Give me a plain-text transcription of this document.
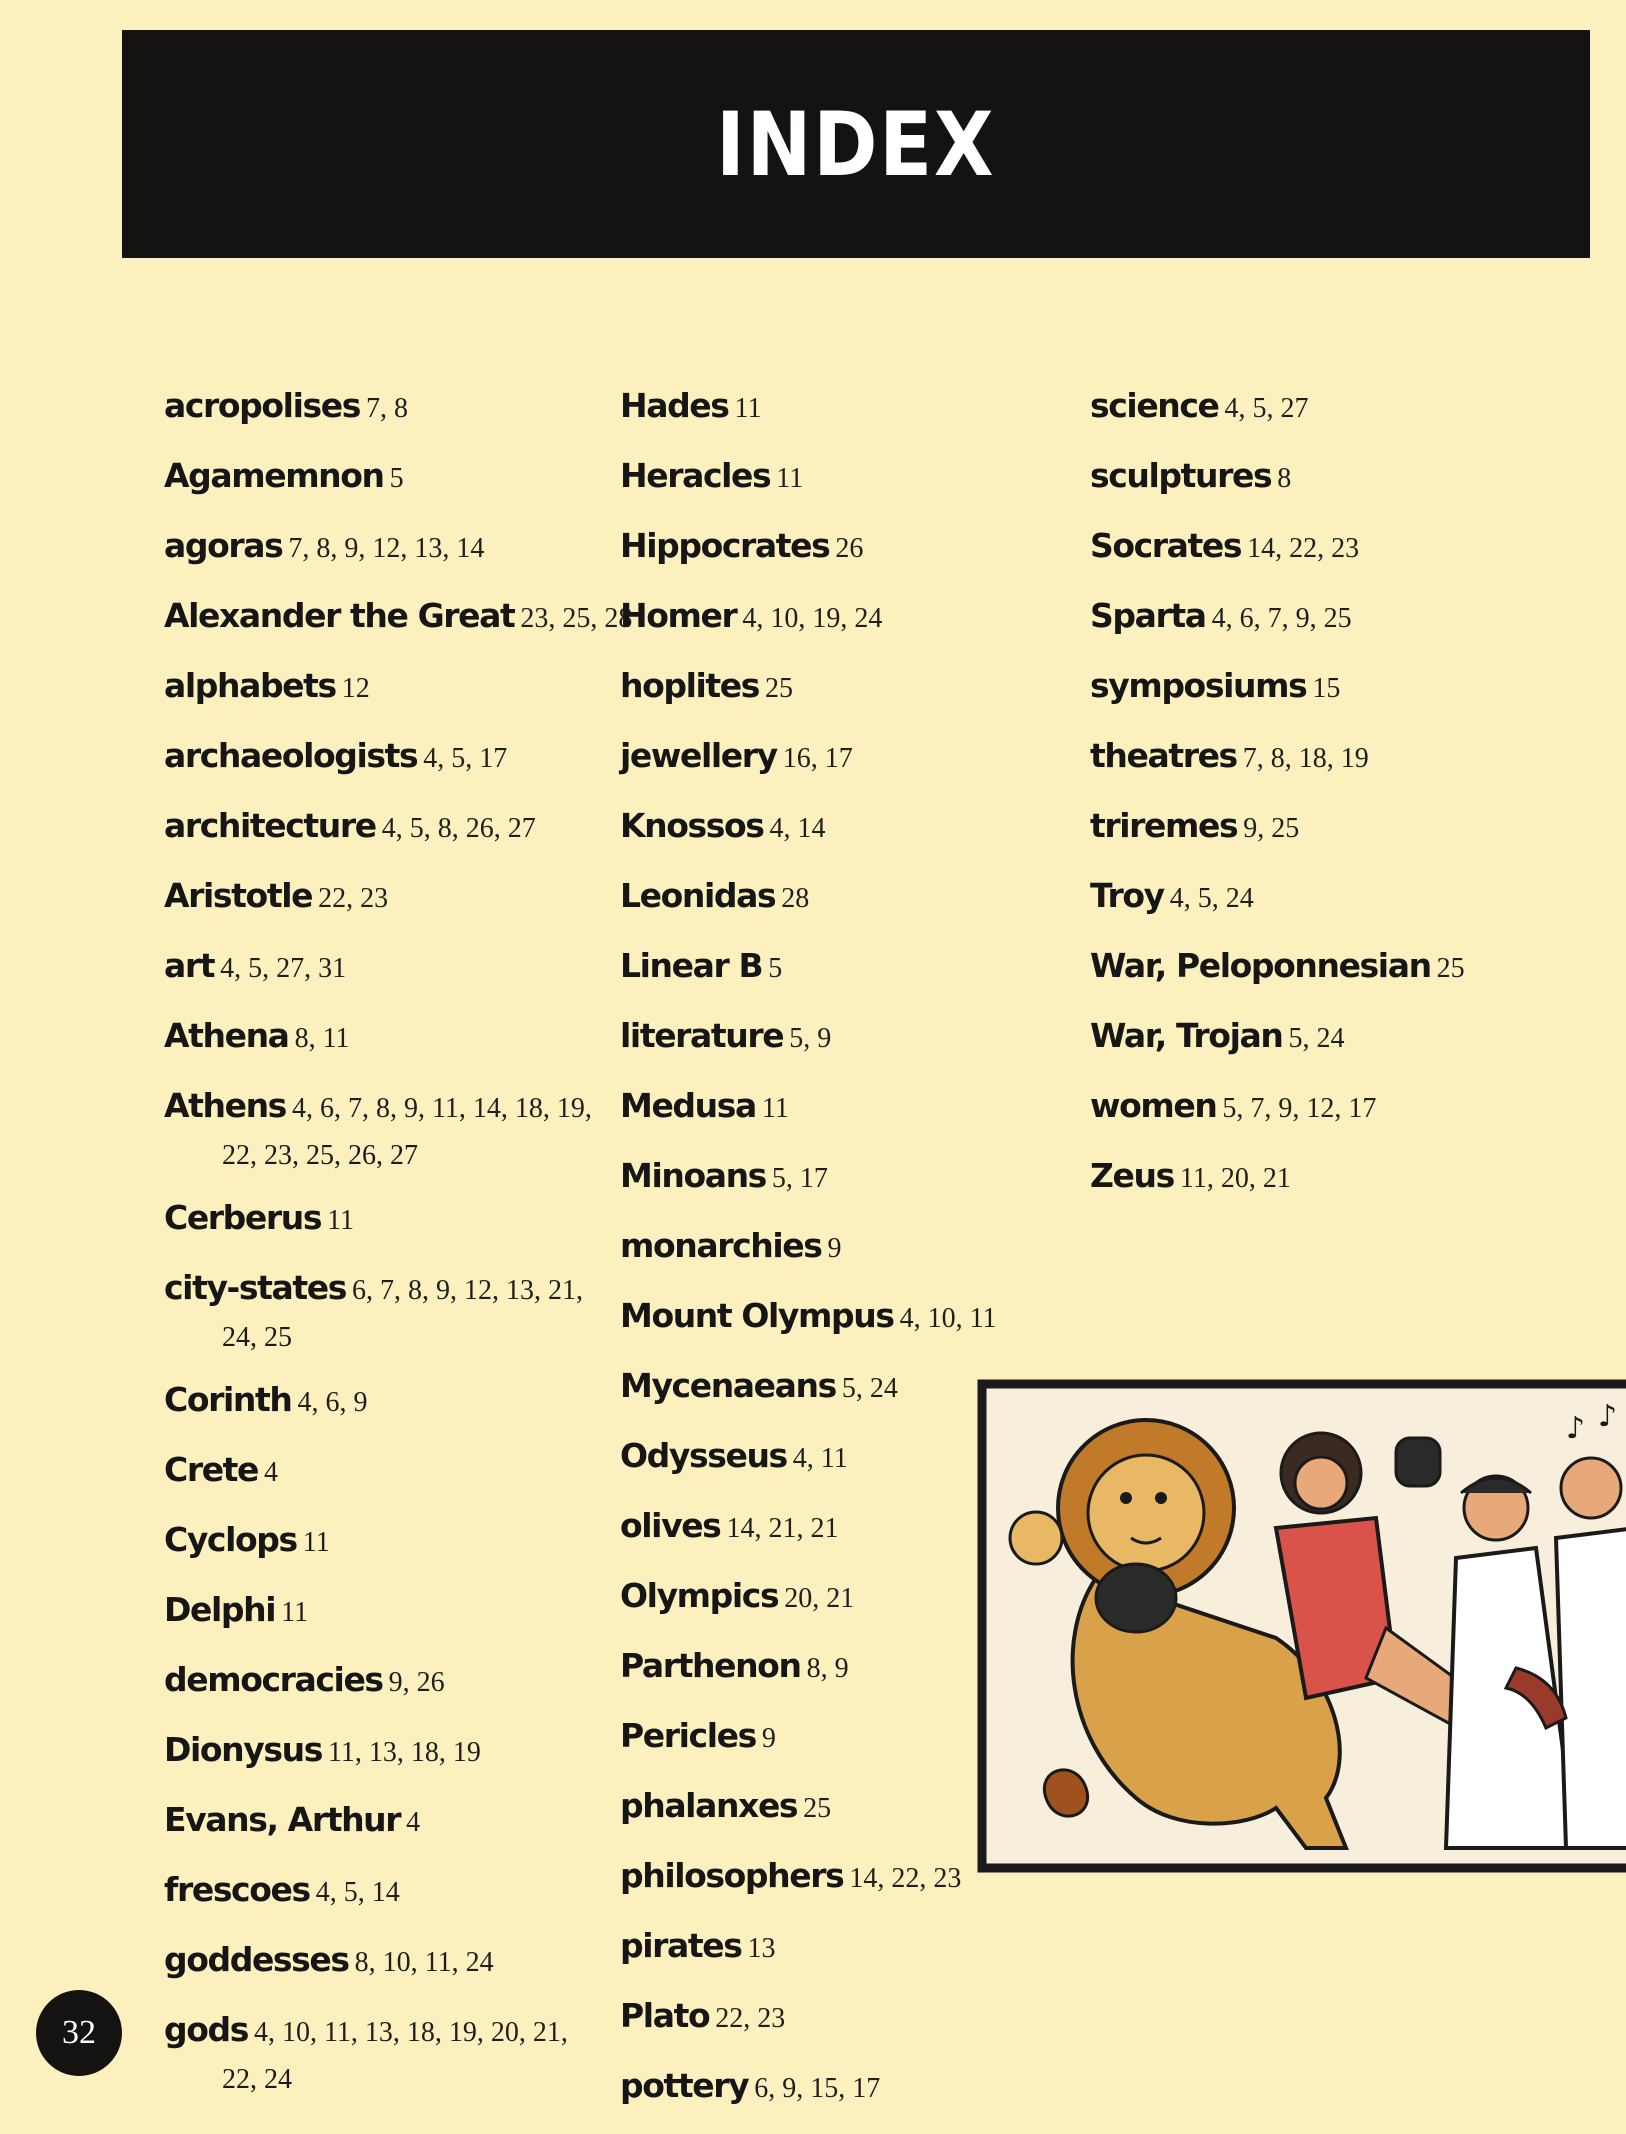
INDEX

acropolises 7, 8

Agamemnon 5

agoras 7, 8, 9, 12, 13, 14

Alexander the Great 23, 25, 28

alphabets 12

archaeologists 4, 5, 17

architecture 4, 5, 8, 26, 27

Aristotle 22, 23

art 4, 5, 27, 31

Athena 8, 11

Athens 4, 6, 7, 8, 9, 11, 14, 18, 19,
22, 23, 25, 26, 27

Cerberus 11

city-states 6, 7, 8, 9, 12, 13, 21,
24, 25

Corinth 4, 6, 9

Crete 4

Cyclops 11

Delphi 11

democracies 9, 26

Dionysus 11, 13, 18, 19

Evans, Arthur 4

frescoes 4, 5, 14

goddesses 8, 10, 11, 24

gods 4, 10, 11, 13, 18, 19, 20, 21,
22, 24

Hades 11

Heracles 11

Hippocrates 26

Homer 4, 10, 19, 24

hoplites 25

jewellery 16, 17

Knossos 4, 14

Leonidas 28

Linear B 5

literature 5, 9

Medusa 11

Minoans 5, 17

monarchies 9

Mount Olympus 4, 10, 11

Mycenaeans 5, 24

Odysseus 4, 11

olives 14, 21, 21

Olympics 20, 21

Parthenon 8, 9

Pericles 9

phalanxes 25

philosophers 14, 22, 23

pirates 13

Plato 22, 23

pottery 6, 9, 15, 17

science 4, 5, 27

sculptures 8

Socrates 14, 22, 23

Sparta 4, 6, 7, 9, 25

symposiums 15

theatres 7, 8, 18, 19

triremes 9, 25

Troy 4, 5, 24

War, Peloponnesian 25

War, Trojan 5, 24

women 5, 7, 9, 12, 17

Zeus 11, 20, 21

♪ ♪
32
